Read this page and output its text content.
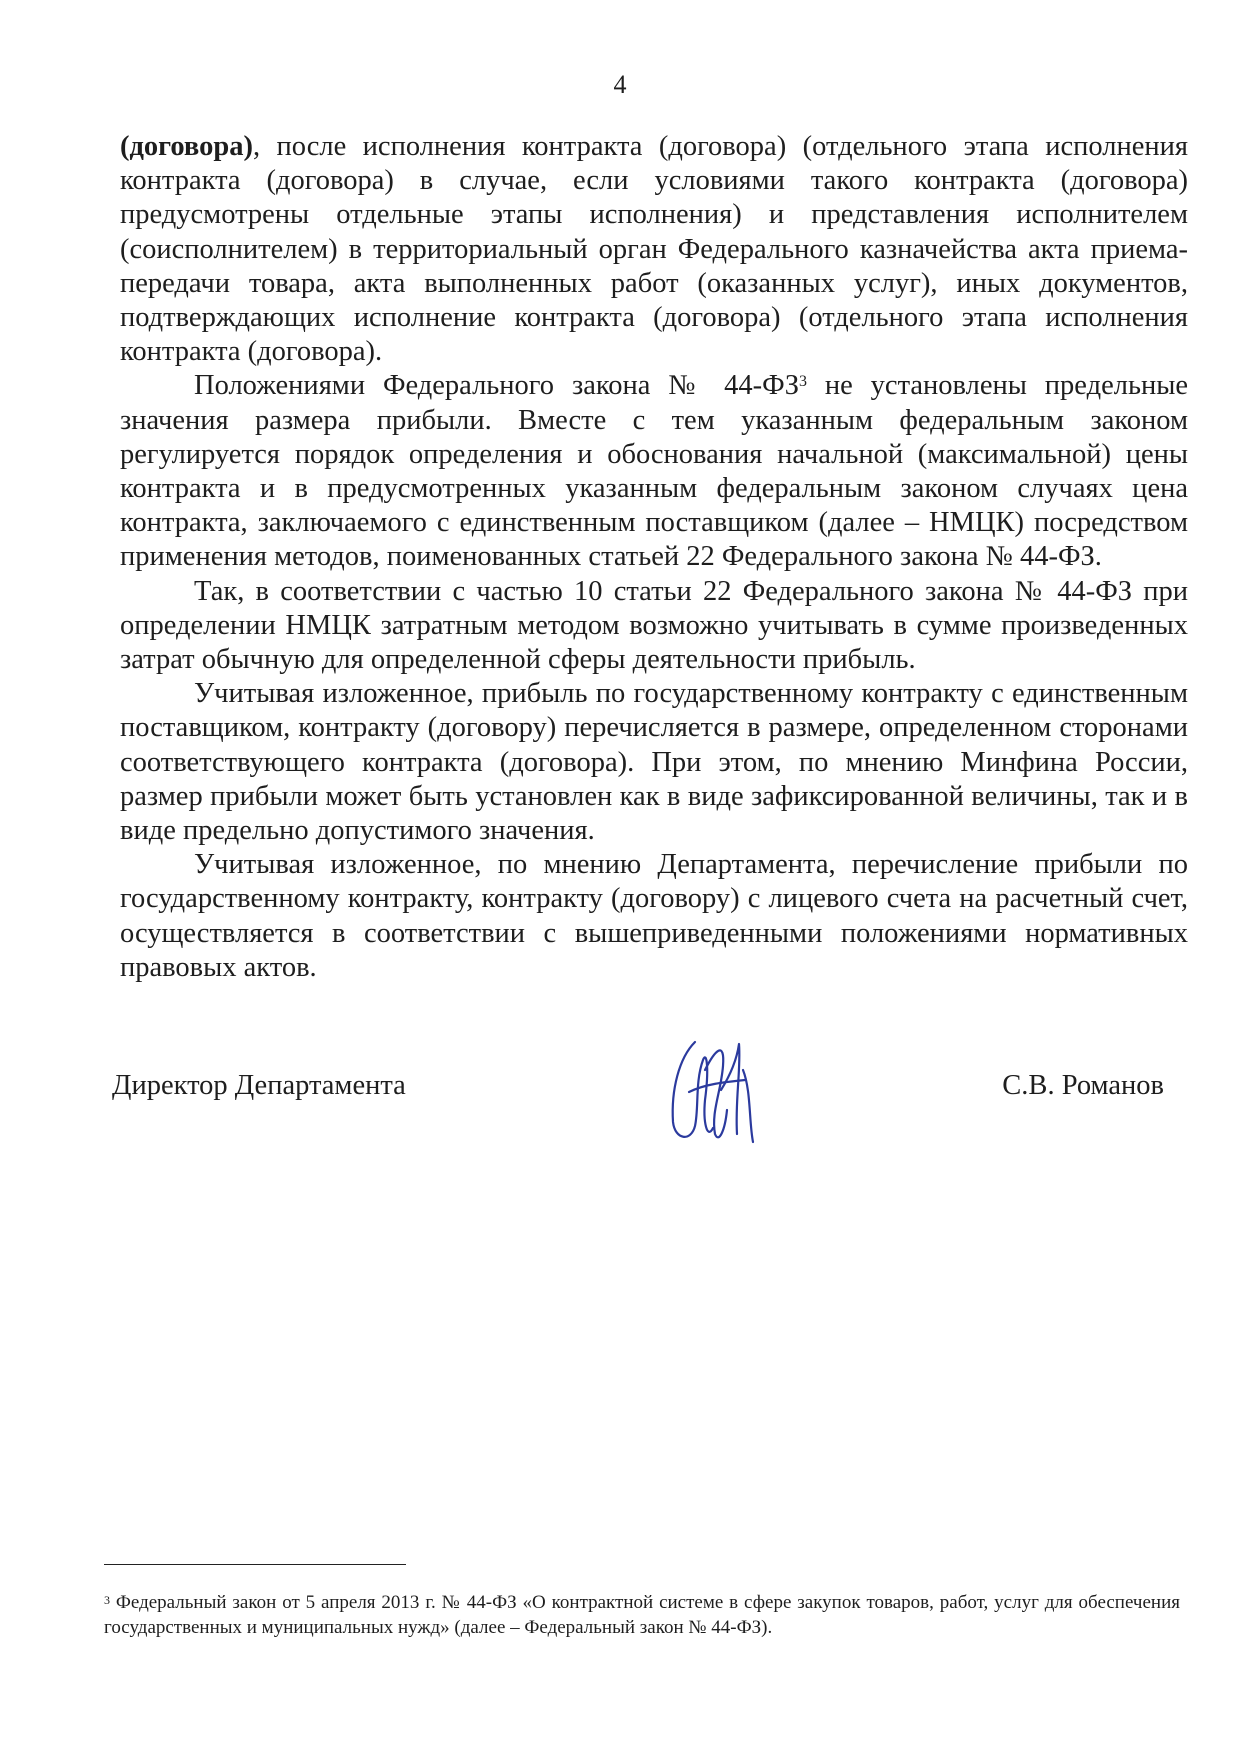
4

(договора), после исполнения контракта (договора) (отдельного этапа исполнения контракта (договора) в случае, если условиями такого контракта (договора) предусмотрены отдельные этапы исполнения) и представления исполнителем (соисполнителем) в территориальный орган Федерального казначейства акта приема-передачи товара, акта выполненных работ (оказанных услуг), иных документов, подтверждающих исполнение контракта (договора) (отдельного этапа исполнения контракта (договора).

Положениями Федерального закона № $44-ФЗ^3$ не установлены предельные значения размера прибыли. Вместе с тем указанным федеральным законом регулируется порядок определения и обоснования начальной (максимальной) цены контракта и в предусмотренных указанным федеральным законом случаях цена контракта, заключаемого с единственным поставщиком (далее – НМЦК) посредством применения методов, поименованных статьей 22 Федерального закона № 44-ФЗ.

Так, в соответствии с частью 10 статьи 22 Федерального закона № 44-ФЗ при определении НМЦК затратным методом возможно учитывать в сумме произведенных затрат обычную для определенной сферы деятельности прибыль.

Учитывая изложенное, прибыль по государственному контракту с единственным поставщиком, контракту (договору) перечисляется в размере, определенном сторонами соответствующего контракта (договора). При этом, по мнению Минфина России, размер прибыли может быть установлен как в виде зафиксированной величины, так и в виде предельно допустимого значения.

Учитывая изложенное, по мнению Департамента, перечисление прибыли по государственному контракту, контракту (договору) с лицевого счета на расчетный счет, осуществляется в соответствии с вышеприведенными положениями нормативных правовых актов.

Директор Департамента	С.В. Романов
$^3$ Федеральный закон от 5 апреля 2013 г. № 44-ФЗ «О контрактной системе в сфере закупок товаров, работ, услуг для обеспечения государственных и муниципальных нужд» (далее – Федеральный закон № 44-ФЗ).
